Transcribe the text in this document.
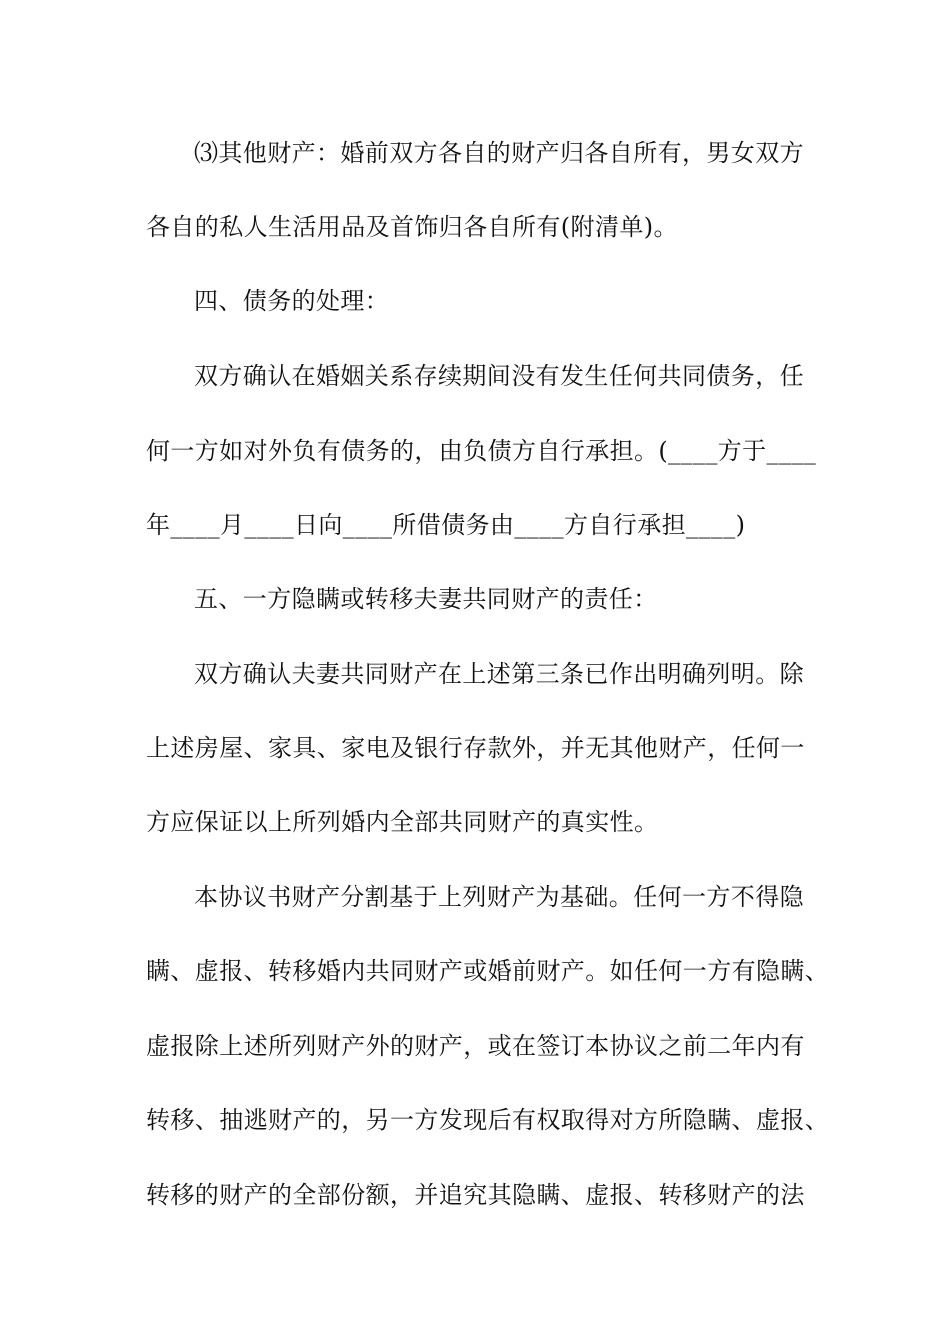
⑶其他财产：婚前双方各自的财产归各自所有，男女双方
各自的私人生活用品及首饰归各自所有(附清单)。
四、债务的处理：
双方确认在婚姻关系存续期间没有发生任何共同债务，任
何一方如对外负有债务的，由负债方自行承担。(____方于____
年____月____日向____所借债务由____方自行承担____)
五、一方隐瞒或转移夫妻共同财产的责任：
双方确认夫妻共同财产在上述第三条已作出明确列明。除
上述房屋、家具、家电及银行存款外，并无其他财产，任何一
方应保证以上所列婚内全部共同财产的真实性。
本协议书财产分割基于上列财产为基础。任何一方不得隐
瞒、虚报、转移婚内共同财产或婚前财产。如任何一方有隐瞒、
虚报除上述所列财产外的财产，或在签订本协议之前二年内有
转移、抽逃财产的，另一方发现后有权取得对方所隐瞒、虚报、
转移的财产的全部份额，并追究其隐瞒、虚报、转移财产的法
